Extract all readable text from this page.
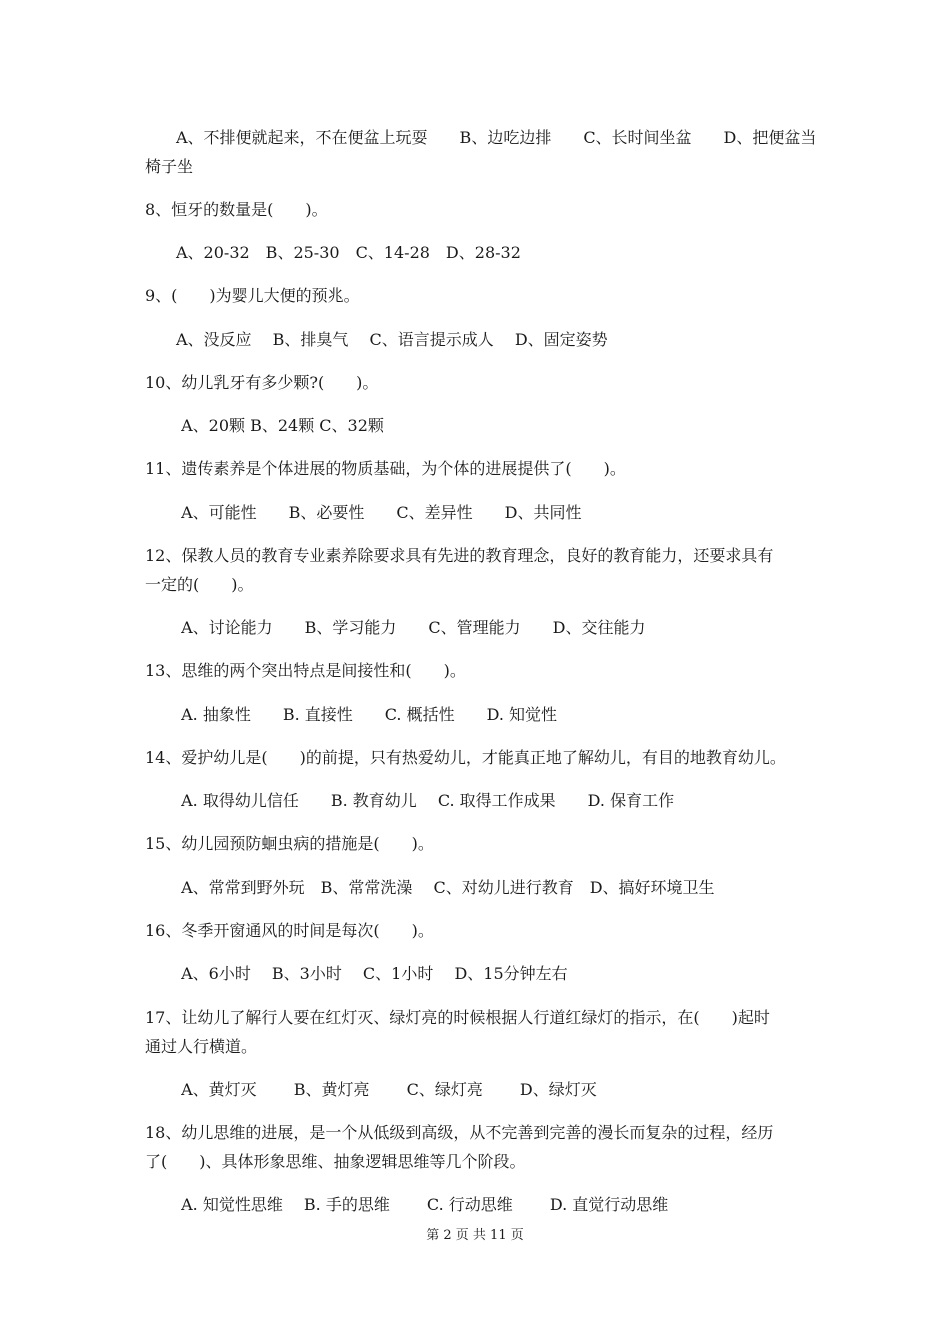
A、不排便就起来，不在便盆上玩耍　　B、边吃边排　　C、长时间坐盆　　D、把便盆当
椅子坐
8、恒牙的数量是(　　)。
A、20-32　B、25-30　C、14-28　D、28-32
9、(　　)为婴儿大便的预兆。
A、没反应　 B、排臭气　 C、语言提示成人　 D、固定姿势
10、幼儿乳牙有多少颗?(　　)。
A、20颗 B、24颗 C、32颗
11、遗传素养是个体进展的物质基础，为个体的进展提供了(　　)。
A、可能性　　B、必要性　　C、差异性　　D、共同性
12、保教人员的教育专业素养除要求具有先进的教育理念，良好的教育能力，还要求具有
一定的(　　)。
A、讨论能力　　B、学习能力　　C、管理能力　　D、交往能力
13、思维的两个突出特点是间接性和(　　)。
A. 抽象性　　B. 直接性　　C. 概括性　　D. 知觉性
14、爱护幼儿是(　　)的前提，只有热爱幼儿，才能真正地了解幼儿，有目的地教育幼儿。
A. 取得幼儿信任　　B. 教育幼儿　 C. 取得工作成果　　D. 保育工作
15、幼儿园预防蛔虫病的措施是(　　)。
A、常常到野外玩　B、常常洗澡　 C、对幼儿进行教育　D、搞好环境卫生
16、冬季开窗通风的时间是每次(　　)。
A、6小时　 B、3小时　 C、1小时　 D、15分钟左右
17、让幼儿了解行人要在红灯灭、绿灯亮的时候根据人行道红绿灯的指示，在(　　)起时
通过人行横道。
A、黄灯灭　　 B、黄灯亮　　 C、绿灯亮　　 D、绿灯灭
18、幼儿思维的进展，是一个从低级到高级，从不完善到完善的漫长而复杂的过程，经历
了(　　)、具体形象思维、抽象逻辑思维等几个阶段。
A. 知觉性思维　 B. 手的思维　　 C. 行动思维　　 D. 直觉行动思维
第 2 页 共 11 页
